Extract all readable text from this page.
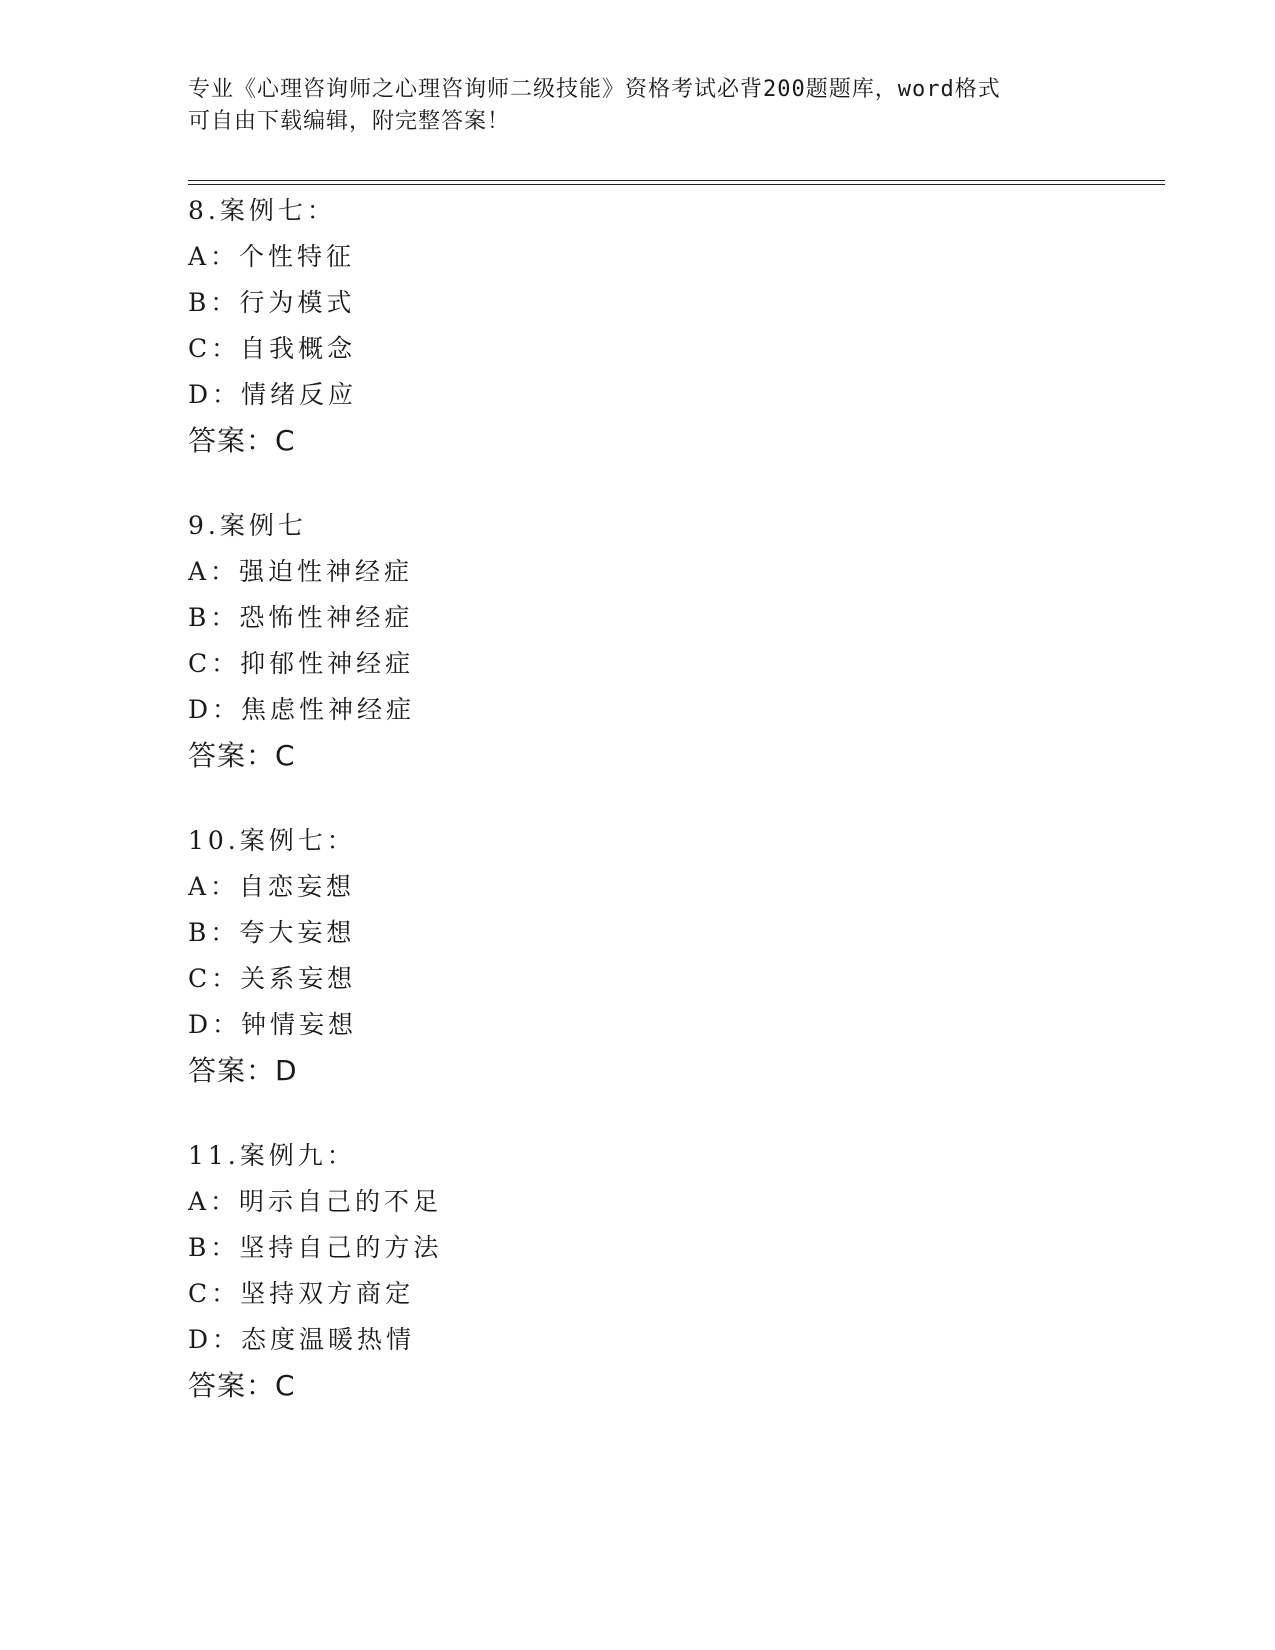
专业《心理咨询师之心理咨询师二级技能》资格考试必背200题题库，word格式
可自由下载编辑，附完整答案！
8.案例七：
A：个性特征
B：行为模式
C：自我概念
D：情绪反应
答案：C
9.案例七
A：强迫性神经症
B：恐怖性神经症
C：抑郁性神经症
D：焦虑性神经症
答案：C
10.案例七：
A：自恋妄想
B：夸大妄想
C：关系妄想
D：钟情妄想
答案：D
11.案例九：
A：明示自己的不足
B：坚持自己的方法
C：坚持双方商定
D：态度温暖热情
答案：C
